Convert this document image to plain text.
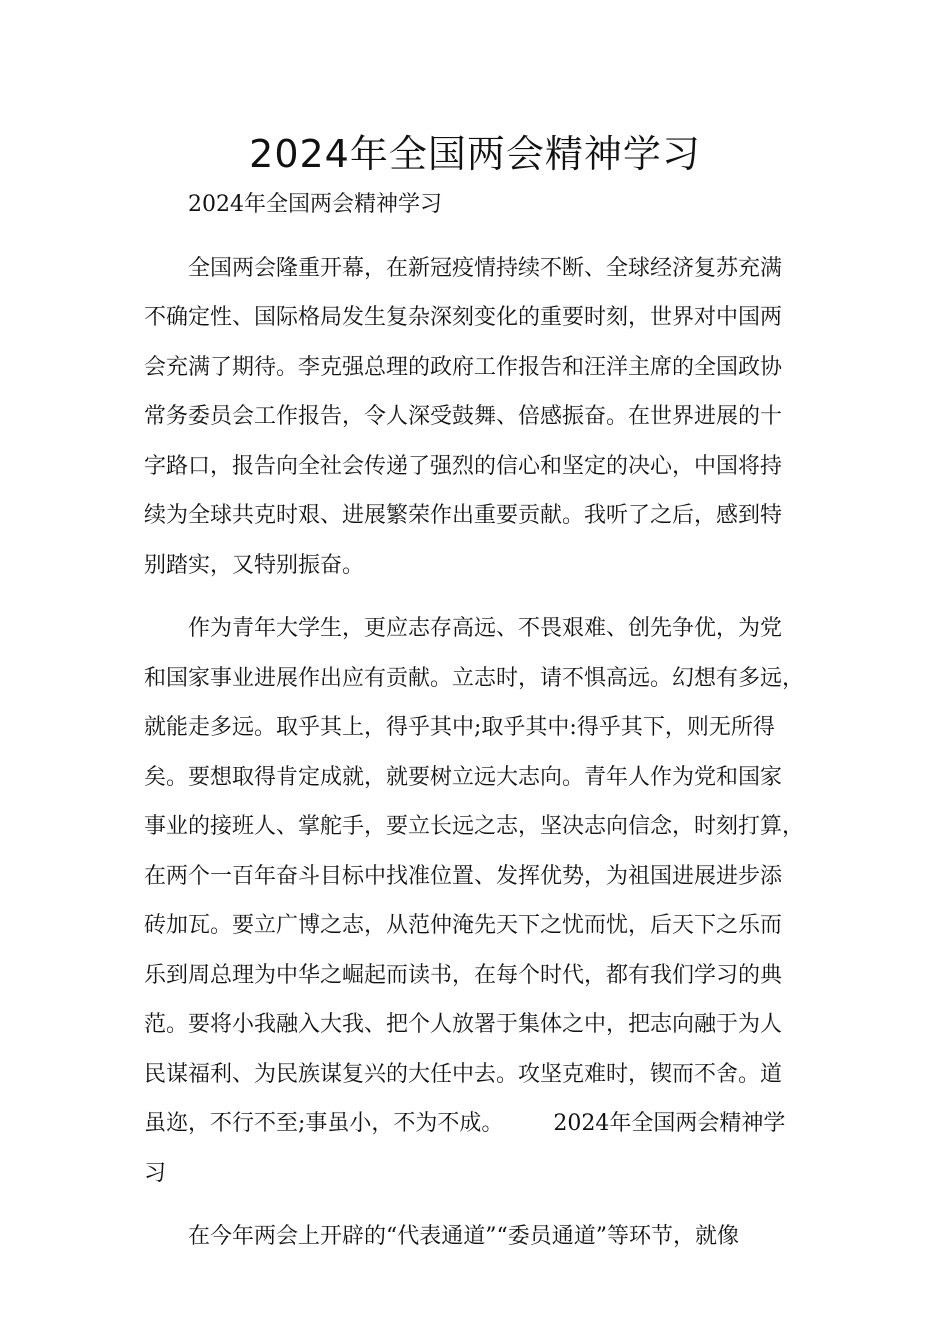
2024年全国两会精神学习

2024年全国两会精神学习

全国两会隆重开幕，在新冠疫情持续不断、全球经济复苏充满
不确定性、国际格局发生复杂深刻变化的重要时刻，世界对中国两
会充满了期待。李克强总理的政府工作报告和汪洋主席的全国政协
常务委员会工作报告，令人深受鼓舞、倍感振奋。在世界进展的十
字路口，报告向全社会传递了强烈的信心和坚定的决心，中国将持
续为全球共克时艰、进展繁荣作出重要贡献。我听了之后，感到特
别踏实，又特别振奋。

作为青年大学生，更应志存高远、不畏艰难、创先争优，为党
和国家事业进展作出应有贡献。立志时，请不惧高远。幻想有多远，
就能走多远。取乎其上，得乎其中;取乎其中:得乎其下，则无所得
矣。要想取得肯定成就，就要树立远大志向。青年人作为党和国家
事业的接班人、掌舵手，要立长远之志，坚决志向信念，时刻打算，
在两个一百年奋斗目标中找准位置、发挥优势，为祖国进展进步添
砖加瓦。要立广博之志，从范仲淹先天下之忧而忧，后天下之乐而
乐到周总理为中华之崛起而读书，在每个时代，都有我们学习的典
范。要将小我融入大我、把个人放署于集体之中，把志向融于为人
民谋福利、为民族谋复兴的大任中去。攻坚克难时，锲而不舍。道
虽迩，不行不至;事虽小，不为不成。 2024年全国两会精神学
习

在今年两会上开辟的“代表通道”“委员通道”等环节，就像
